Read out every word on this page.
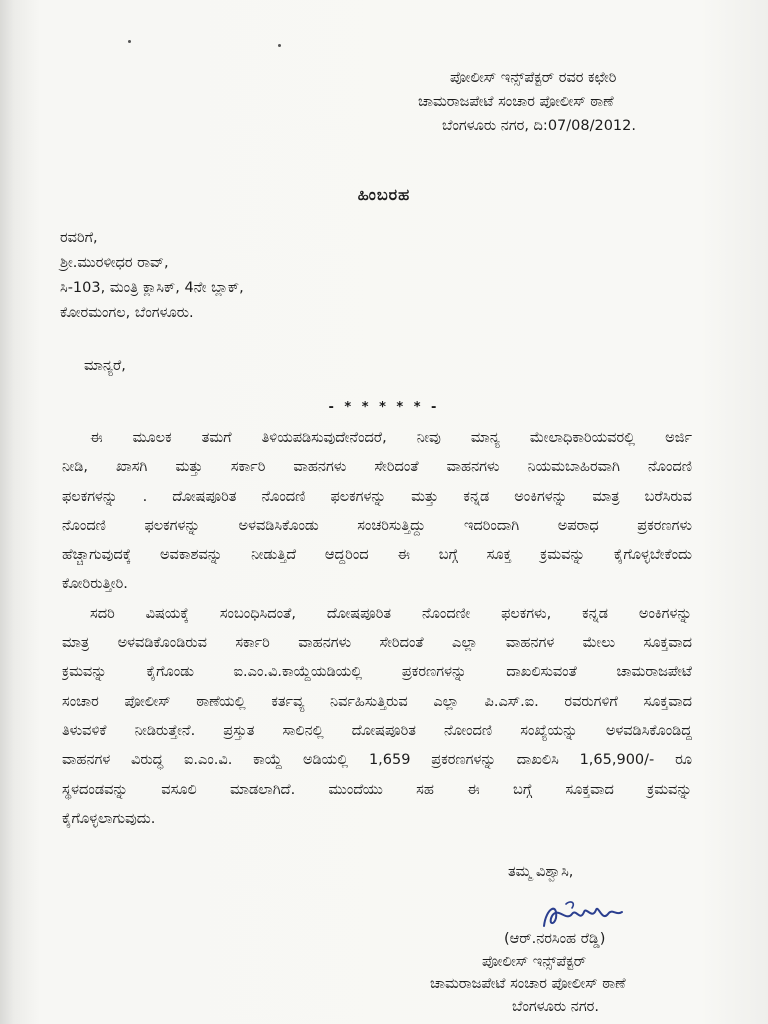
ಪೋಲೀಸ್ ಇನ್ಸ್‌ಪೆಕ್ಟರ್ ರವರ ಕಛೇರಿ
ಚಾಮರಾಜಪೇಟೆ ಸಂಚಾರ ಪೋಲೀಸ್ ಠಾಣೆ
ಬೆಂಗಳೂರು ನಗರ, ದಿ:07/08/2012.
ಹಿಂಬರಹ
ರವರಿಗೆ,
ಶ್ರೀ.ಮುರಳೀಧರ ರಾವ್,
ಸಿ-103, ಮಂತ್ರಿ ಕ್ಲಾಸಿಕ್, 4ನೇ ಬ್ಲಾಕ್,
ಕೋರಮಂಗಲ, ಬೆಂಗಳೂರು.
ಮಾನ್ಯರೆ,
- * * * * * -
ಈ ಮೂಲಕ ತಮಗೆ ತಿಳಿಯಪಡಿಸುವುದೇನೆಂದರೆ, ನೀವು ಮಾನ್ಯ ಮೇಲಾಧಿಕಾರಿಯವರಲ್ಲಿ ಅರ್ಜಿ
ನೀಡಿ, ಖಾಸಗಿ ಮತ್ತು ಸರ್ಕಾರಿ ವಾಹನಗಳು ಸೇರಿದಂತೆ ವಾಹನಗಳು ನಿಯಮಬಾಹಿರವಾಗಿ ನೊಂದಣಿ
ಫಲಕಗಳನ್ನು . ದೋಷಪೂರಿತ ನೊಂದಣಿ ಫಲಕಗಳನ್ನು ಮತ್ತು ಕನ್ನಡ ಅಂಕಿಗಳನ್ನು ಮಾತ್ರ ಬರೆಸಿರುವ
ನೊಂದಣಿ ಫಲಕಗಳನ್ನು ಅಳವಡಿಸಿಕೊಂಡು ಸಂಚರಿಸುತ್ತಿದ್ದು ಇದರಿಂದಾಗಿ ಅಪರಾಧ ಪ್ರಕರಣಗಳು
ಹೆಚ್ಚಾಗುವುದಕ್ಕೆ ಅವಕಾಶವನ್ನು ನೀಡುತ್ತಿದೆ ಆದ್ದರಿಂದ ಈ ಬಗ್ಗೆ ಸೂಕ್ತ ಕ್ರಮವನ್ನು ಕೈಗೊಳ್ಳಬೇಕೆಂದು
ಕೋರಿರುತ್ತೀರಿ.
ಸದರಿ ವಿಷಯಕ್ಕೆ ಸಂಬಂಧಿಸಿದಂತೆ, ದೋಷಪೂರಿತ ನೊಂದಣೀ ಫಲಕಗಳು, ಕನ್ನಡ ಅಂಕಿಗಳನ್ನು
ಮಾತ್ರ ಅಳವಡಿಕೊಂಡಿರುವ ಸರ್ಕಾರಿ ವಾಹನಗಳು ಸೇರಿದಂತೆ ಎಲ್ಲಾ ವಾಹನಗಳ ಮೇಲು ಸೂಕ್ತವಾದ
ಕ್ರಮವನ್ನು ಕೈಗೊಂಡು ಐ.ಎಂ.ವಿ.ಕಾಯ್ದೆಯಡಿಯಲ್ಲಿ ಪ್ರಕರಣಗಳನ್ನು ದಾಖಲಿಸುವಂತೆ ಚಾಮರಾಜಪೇಟೆ
ಸಂಚಾರ ಪೋಲೀಸ್ ಠಾಣೆಯಲ್ಲಿ ಕರ್ತವ್ಯ ನಿರ್ವಹಿಸುತ್ತಿರುವ ಎಲ್ಲಾ ಪಿ.ಎಸ್.ಐ. ರವರುಗಳಿಗೆ ಸೂಕ್ತವಾದ
ತಿಳುವಳಿಕೆ ನೀಡಿರುತ್ತೇನೆ. ಪ್ರಸ್ತುತ ಸಾಲಿನಲ್ಲಿ ದೋಷಪೂರಿತ ನೋಂದಣಿ ಸಂಖ್ಯೆಯನ್ನು ಅಳವಡಿಸಿಕೊಂಡಿದ್ದ
ವಾಹನಗಳ ವಿರುದ್ಧ ಐ.ಎಂ.ವಿ. ಕಾಯ್ದೆ ಅಡಿಯಲ್ಲಿ 1,659 ಪ್ರಕರಣಗಳನ್ನು ದಾಖಲಿಸಿ 1,65,900/- ರೂ
ಸ್ಥಳದಂಡವನ್ನು ವಸೂಲಿ ಮಾಡಲಾಗಿದೆ. ಮುಂದೆಯು ಸಹ ಈ ಬಗ್ಗೆ ಸೂಕ್ತವಾದ ಕ್ರಮವನ್ನು
ಕೈಗೊಳ್ಳಲಾಗುವುದು.
ತಮ್ಮ ವಿಶ್ವಾಸಿ,
(ಆರ್.ನರಸಿಂಹ ರೆಡ್ಡಿ)
ಪೋಲೀಸ್ ಇನ್ಸ್‌ಪೆಕ್ಟರ್
ಚಾಮರಾಜಪೇಟೆ ಸಂಚಾರ ಪೋಲೀಸ್ ಠಾಣೆ
ಬೆಂಗಳೂರು ನಗರ.
